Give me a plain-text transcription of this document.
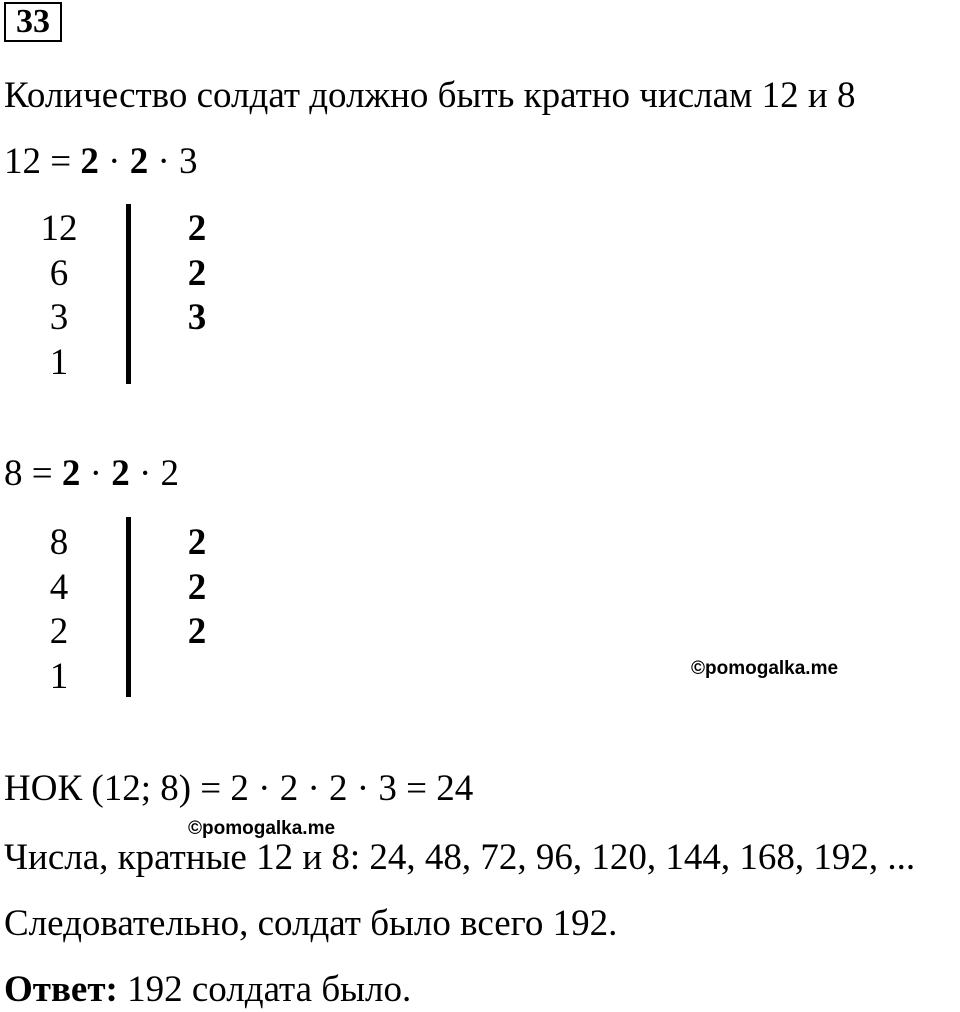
33
Количество солдат должно быть кратно числам 12 и 8
12 = 2 · 2 · 3
12
6
3
1
2
2
3
8 = 2 · 2 · 2
8
4
2
1
2
2
2
©pomogalka.me
НОК (12; 8) = 2 · 2 · 2 · 3 = 24
©pomogalka.me
Числа, кратные 12 и 8: 24, 48, 72, 96, 120, 144, 168, 192, ...
Следовательно, солдат было всего 192.
Ответ: 192 солдата было.
